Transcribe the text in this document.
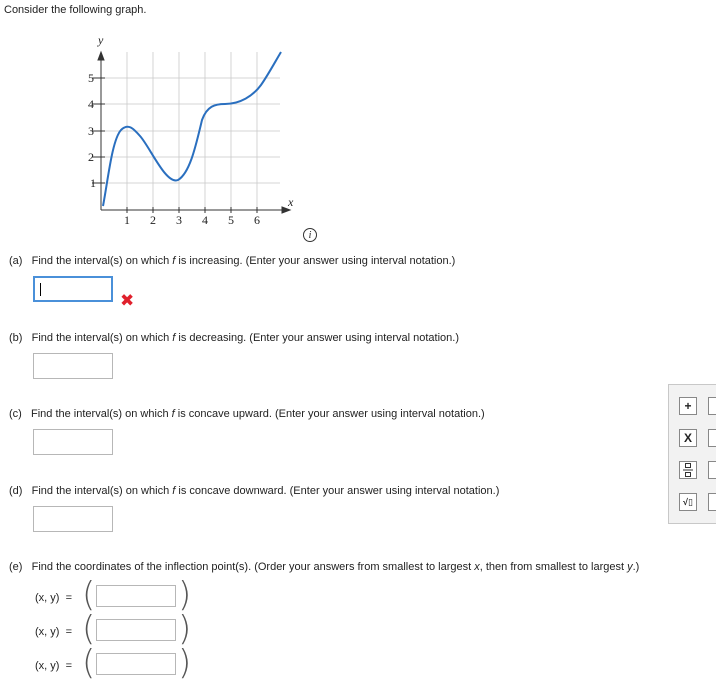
Consider the following graph.
y
x
1 2 3 4 5 6
1
2
3
4
5
i
(a) Find the interval(s) on which f is increasing. (Enter your answer using interval notation.)
✖
(b) Find the interval(s) on which f is decreasing. (Enter your answer using interval notation.)
(c) Find the interval(s) on which f is concave upward. (Enter your answer using interval notation.)
(d) Find the interval(s) on which f is concave downward. (Enter your answer using interval notation.)
+
X
√▯
(e) Find the coordinates of the inflection point(s). (Order your answers from smallest to largest x, then from smallest to largest y.)
(x, y) = ( )
(x, y) = ( )
(x, y) = ( )
